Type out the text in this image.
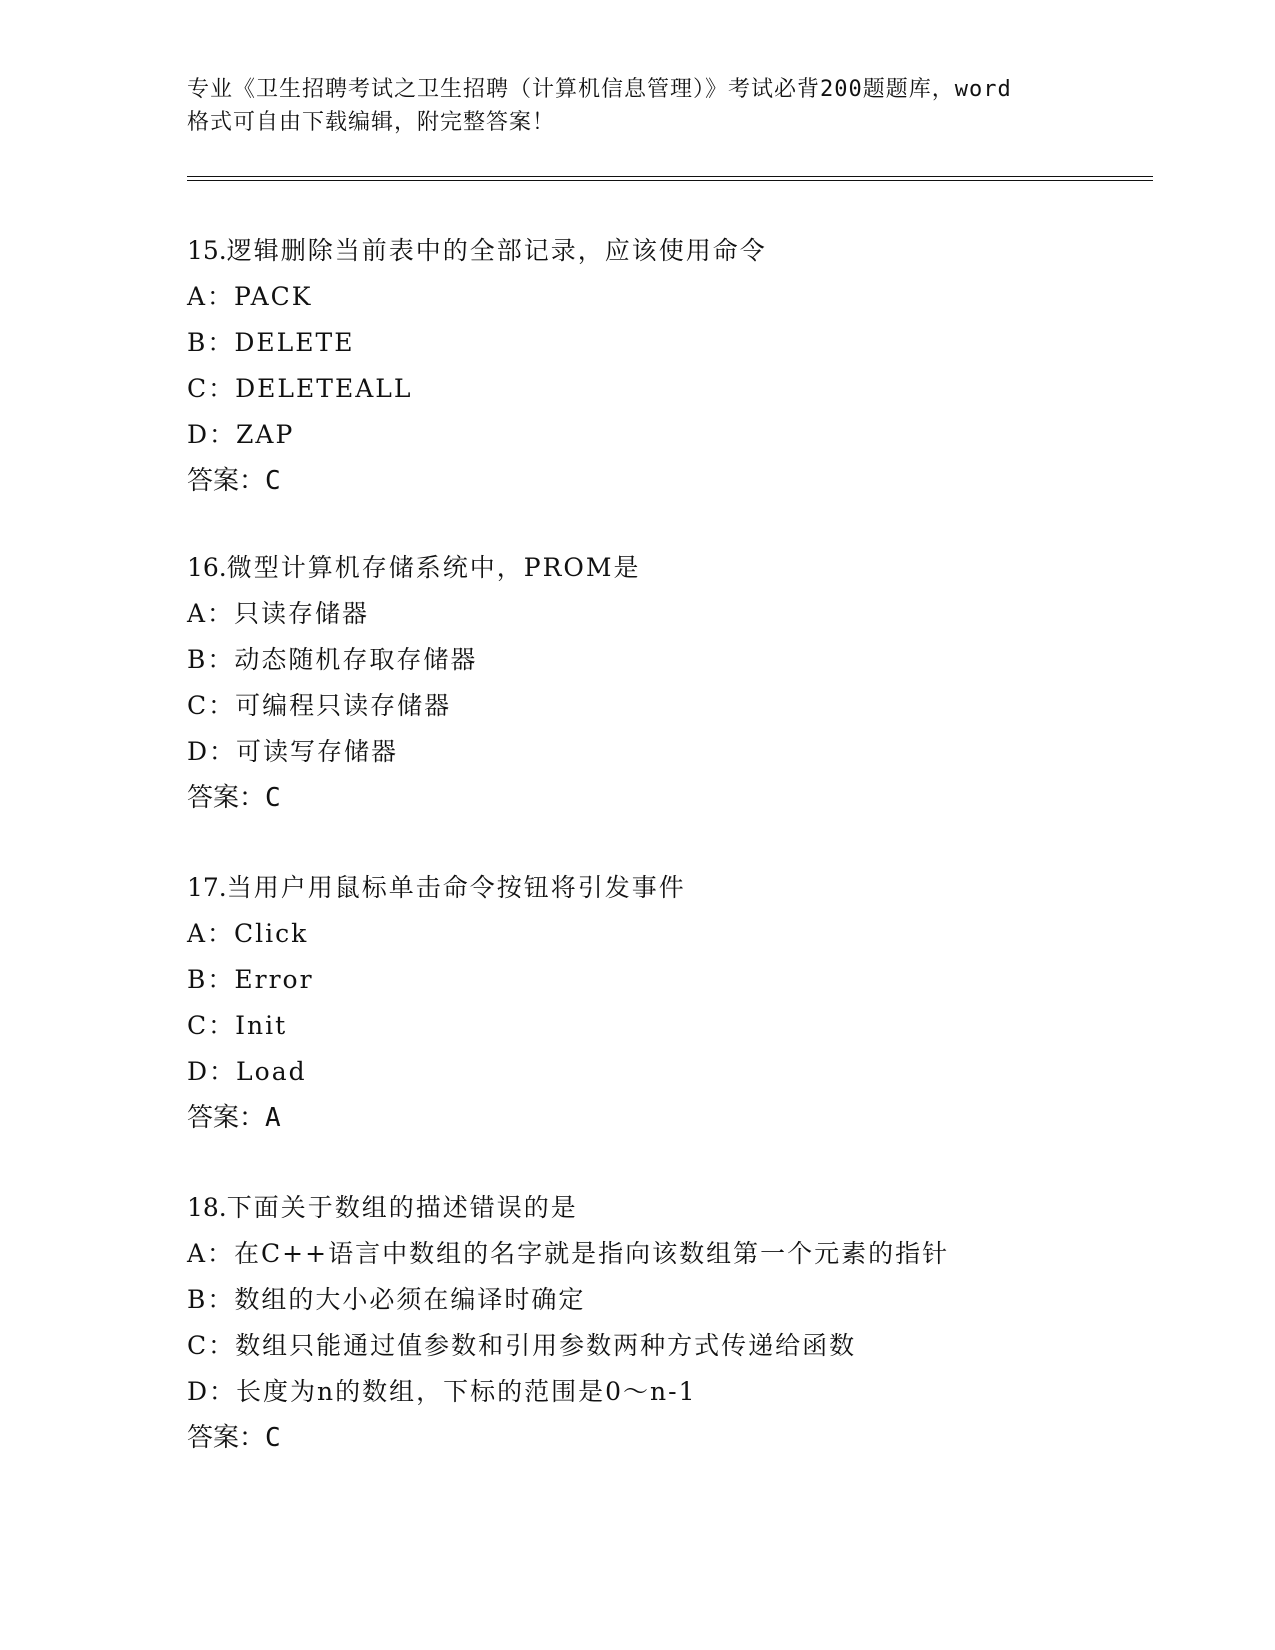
专业《卫生招聘考试之卫生招聘（计算机信息管理）》考试必背200题题库，word
格式可自由下载编辑，附完整答案！
15.逻辑删除当前表中的全部记录，应该使用命令
A：PACK
B：DELETE
C：DELETEALL
D：ZAP
答案：C
16.微型计算机存储系统中，PROM是
A：只读存储器
B：动态随机存取存储器
C：可编程只读存储器
D：可读写存储器
答案：C
17.当用户用鼠标单击命令按钮将引发事件
A：Click
B：Error
C：Init
D：Load
答案：A
18.下面关于数组的描述错误的是
A：在C++语言中数组的名字就是指向该数组第一个元素的指针
B：数组的大小必须在编译时确定
C：数组只能通过值参数和引用参数两种方式传递给函数
D：长度为n的数组，下标的范围是0～n-1
答案：C
